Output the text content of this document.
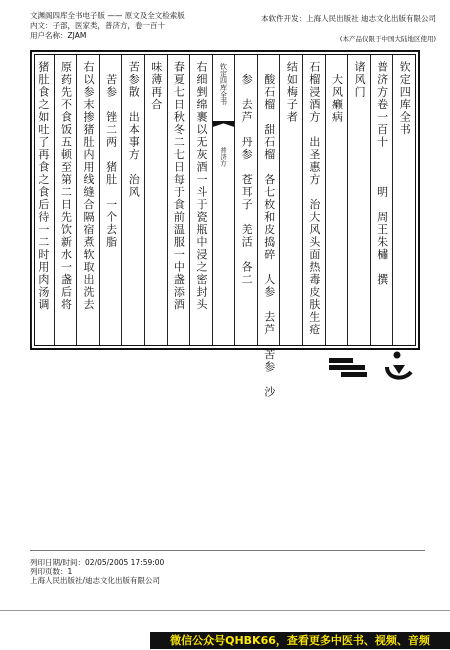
文渊阁四库全书电子版 —— 原文及全文检索版
内文：子部，医家类，普济方，卷一百十
用户名称：ZJAM
本软件开发：上海人民出版社 迪志文化出版有限公司
(本产品仅限于中国大陆地区使用)
钦定四库全书
普济方卷一百十　　　明　周王朱橚　撰
诸风门
　大风癞病
石榴浸酒方　出圣惠方　治大风头面热毒皮肤生疮
结如梅子者
　酸石榴　甜石榴　各七枚和皮捣碎　人参　去芦　苦参　沙
　参　去芦　丹参　苍耳子　羌活　各二
钦定四库全书
普济方
右细剉绵裹以无灰酒一斗于瓷瓶中浸之密封头
春夏七日秋冬二七日每于食前温服一中盏添酒
味薄再合
苦参散　出本事方　治风
　苦参　锉二两　猪肚　一个去脂
右以参末掺猪肚内用线缝合隔宿煮软取出洗去
原药先不食饭五顿至第二日先饮新水一盏后将
猪肚食之如吐了再食之食后待一二时用肉汤调
列印日期/时间：02/05/2005 17:59:00
列印页数：1
上海人民出版社/迪志文化出版有限公司
微信公众号QHBK66，查看更多中医书、视频、音频
